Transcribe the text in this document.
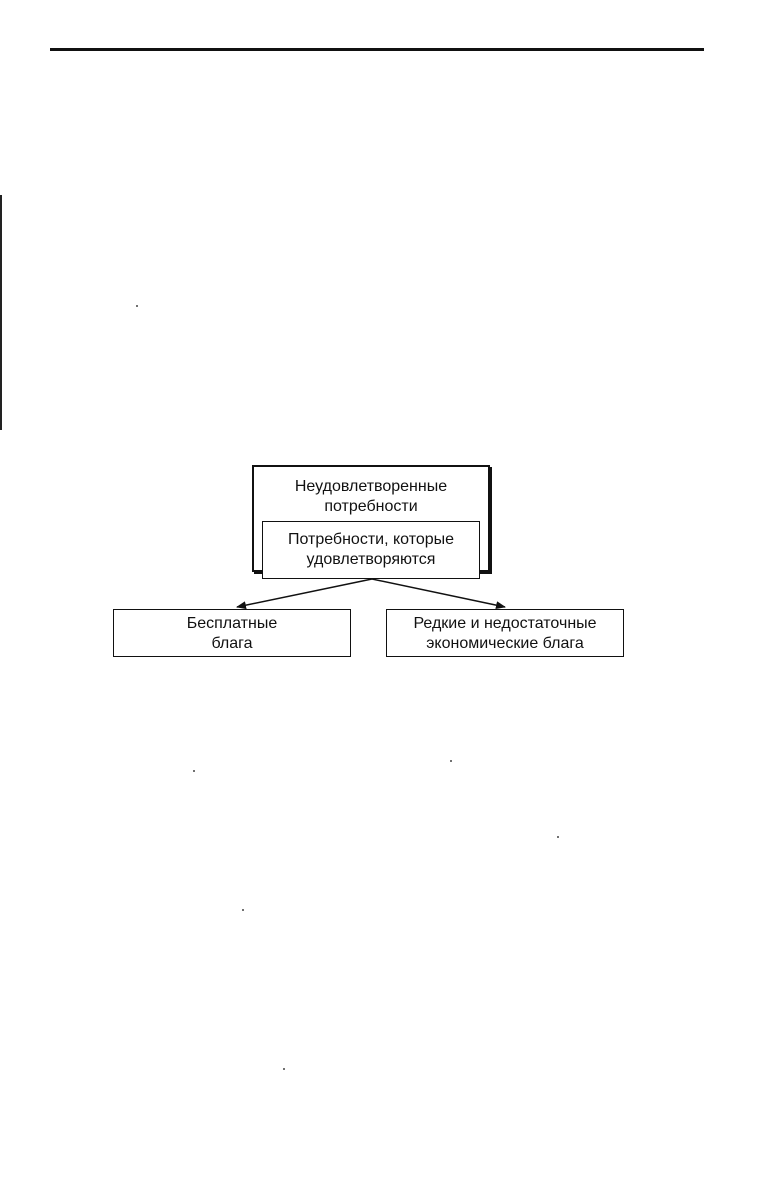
Неудовлетворенные
потребности
Потребности, которые
удовлетворяются
Бесплатные
блага
Редкие и недостаточные
экономические блага
